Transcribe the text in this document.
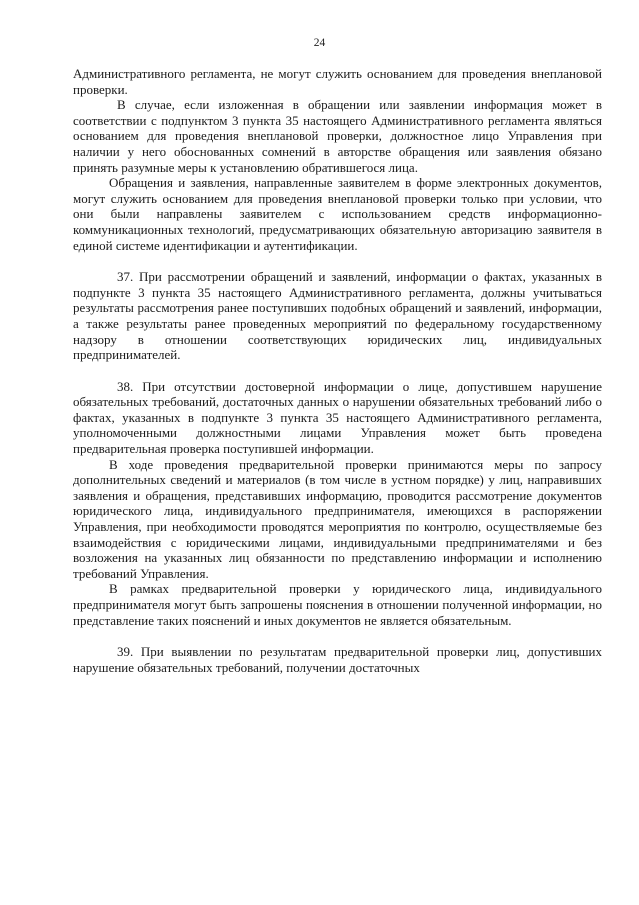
24

Административного регламента, не могут служить основанием для проведения внеплановой проверки.

В случае, если изложенная в обращении или заявлении информация может в соответствии с подпунктом 3 пункта 35 настоящего Административного регламента являться основанием для проведения внеплановой проверки, должностное лицо Управления при наличии у него обоснованных сомнений в авторстве обращения или заявления обязано принять разумные меры к установлению обратившегося лица.

Обращения и заявления, направленные заявителем в форме электронных документов, могут служить основанием для проведения внеплановой проверки только при условии, что они были направлены заявителем с использованием средств информационно-коммуникационных технологий, предусматривающих обязательную авторизацию заявителя в единой системе идентификации и аутентификации.

37. При рассмотрении обращений и заявлений, информации о фактах, указанных в подпункте 3 пункта 35 настоящего Административного регламента, должны учитываться результаты рассмотрения ранее поступивших подобных обращений и заявлений, информации, а также результаты ранее проведенных мероприятий по федеральному государственному надзору в отношении соответствующих юридических лиц, индивидуальных предпринимателей.

38. При отсутствии достоверной информации о лице, допустившем нарушение обязательных требований, достаточных данных о нарушении обязательных требований либо о фактах, указанных в подпункте 3 пункта 35 настоящего Административного регламента, уполномоченными должностными лицами Управления может быть проведена предварительная проверка поступившей информации.

В ходе проведения предварительной проверки принимаются меры по запросу дополнительных сведений и материалов (в том числе в устном порядке) у лиц, направивших заявления и обращения, представивших информацию, проводится рассмотрение документов юридического лица, индивидуального предпринимателя, имеющихся в распоряжении Управления, при необходимости проводятся мероприятия по контролю, осуществляемые без взаимодействия с юридическими лицами, индивидуальными предпринимателями и без возложения на указанных лиц обязанности по представлению информации и исполнению требований Управления.

В рамках предварительной проверки у юридического лица, индивидуального предпринимателя могут быть запрошены пояснения в отношении полученной информации, но представление таких пояснений и иных документов не является обязательным.

39. При выявлении по результатам предварительной проверки лиц, допустивших нарушение обязательных требований, получении достаточных
